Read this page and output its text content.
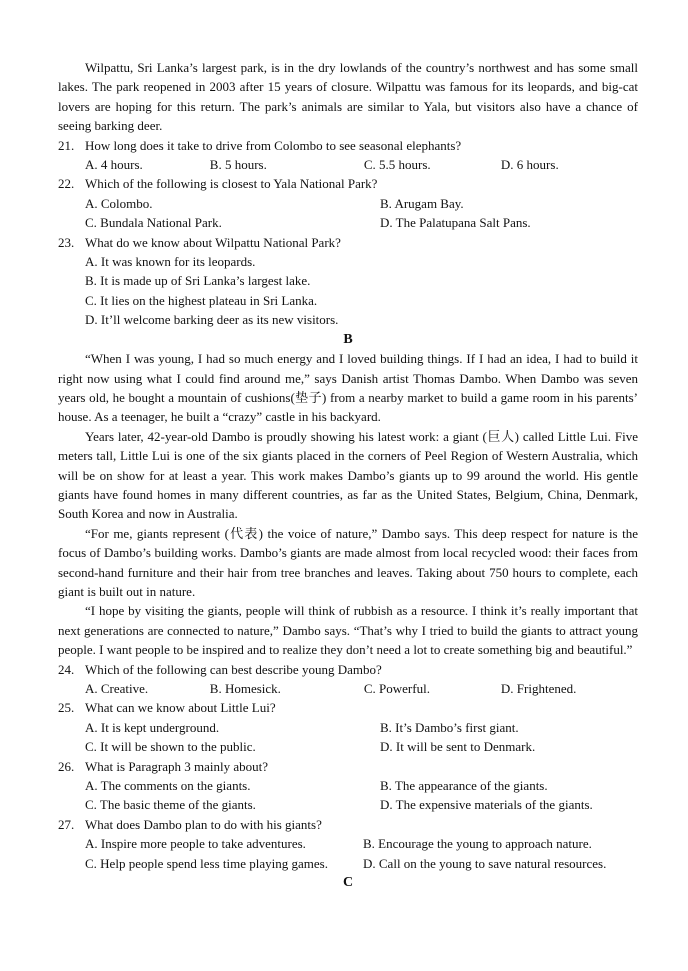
Wilpattu, Sri Lanka’s largest park, is in the dry lowlands of the country’s northwest and has some small lakes. The park reopened in 2003 after 15 years of closure. Wilpattu was famous for its leopards, and big-cat lovers are hoping for this return. The park’s animals are similar to Yala, but visitors also have a chance of seeing barking deer.

21. How long does it take to drive from Colombo to see seasonal elephants?

A. 4 hours.	B. 5 hours.	C. 5.5 hours.	D. 6 hours.

22. Which of the following is closest to Yala National Park?

A. Colombo.	B. Arugam Bay.
C. Bundala National Park.	D. The Palatupana Salt Pans.

23. What do we know about Wilpattu National Park?

A. It was known for its leopards.

B. It is made up of Sri Lanka’s largest lake.

C. It lies on the highest plateau in Sri Lanka.

D. It’ll welcome barking deer as its new visitors.

B

“When I was young, I had so much energy and I loved building things. If I had an idea, I had to build it right now using what I could find around me,” says Danish artist Thomas Dambo. When Dambo was seven years old, he bought a mountain of cushions(垫子) from a nearby market to build a game room in his parents’ house. As a teenager, he built a “crazy” castle in his backyard.

Years later, 42-year-old Dambo is proudly showing his latest work: a giant (巨人) called Little Lui. Five meters tall, Little Lui is one of the six giants placed in the corners of Peel Region of Western Australia, which will be on show for at least a year. This work makes Dambo’s giants up to 99 around the world. His gentle giants have found homes in many different countries, as far as the United States, Belgium, China, Denmark, South Korea and now in Australia.

“For me, giants represent (代表) the voice of nature,” Dambo says. This deep respect for nature is the focus of Dambo’s building works. Dambo’s giants are made almost from local recycled wood: their faces from second-hand furniture and their hair from tree branches and leaves. Taking about 750 hours to complete, each giant is built out in nature.

“I hope by visiting the giants, people will think of rubbish as a resource. I think it’s really important that next generations are connected to nature,” Dambo says. “That’s why I tried to build the giants to attract young people. I want people to be inspired and to realize they don’t need a lot to create something big and beautiful.”

24. Which of the following can best describe young Dambo?

A. Creative.	B. Homesick.	C. Powerful.	D. Frightened.

25. What can we know about Little Lui?

A. It is kept underground.	B. It’s Dambo’s first giant.
C. It will be shown to the public.	D. It will be sent to Denmark.

26. What is Paragraph 3 mainly about?

A. The comments on the giants.	B. The appearance of the giants.
C. The basic theme of the giants.	D. The expensive materials of the giants.

27. What does Dambo plan to do with his giants?

A. Inspire more people to take adventures.	B. Encourage the young to approach nature.
C. Help people spend less time playing games.	D. Call on the young to save natural resources.

C
